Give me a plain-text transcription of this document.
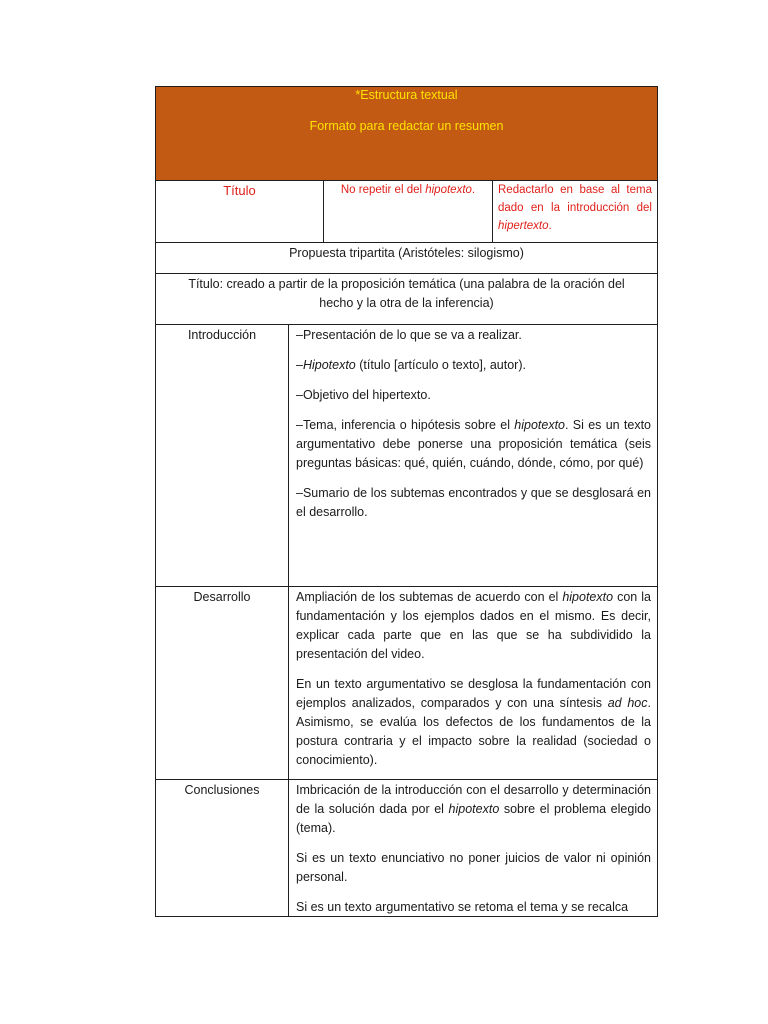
*Estructura textual
Formato para redactar un resumen
Título	No repetir el del hipotexto.	Redactarlo en base al tema dado en la introducción del hipertexto.
Propuesta tripartita (Aristóteles: silogismo)
Título: creado a partir de la proposición temática (una palabra de la oración del hecho y la otra de la inferencia)
Introducción	–Presentación de lo que se va a realizar.

–Hipotexto (título [artículo o texto], autor).

–Objetivo del hipertexto.

–Tema, inferencia o hipótesis sobre el hipotexto. Si es un texto argumentativo debe ponerse una proposición temática (seis preguntas básicas: qué, quién, cuándo, dónde, cómo, por qué)

–Sumario de los subtemas encontrados y que se desglosará en el desarrollo.

Desarrollo	Ampliación de los subtemas de acuerdo con el hipotexto con la fundamentación y los ejemplos dados en el mismo. Es decir, explicar cada parte que en las que se ha subdividido la presentación del video.

En un texto argumentativo se desglosa la fundamentación con ejemplos analizados, comparados y con una síntesis ad hoc. Asimismo, se evalúa los defectos de los fundamentos de la postura contraria y el impacto sobre la realidad (sociedad o conocimiento).

Conclusiones	Imbricación de la introducción con el desarrollo y determinación de la solución dada por el hipotexto sobre el problema elegido (tema).

Si es un texto enunciativo no poner juicios de valor ni opinión personal.

Si es un texto argumentativo se retoma el tema y se recalca
